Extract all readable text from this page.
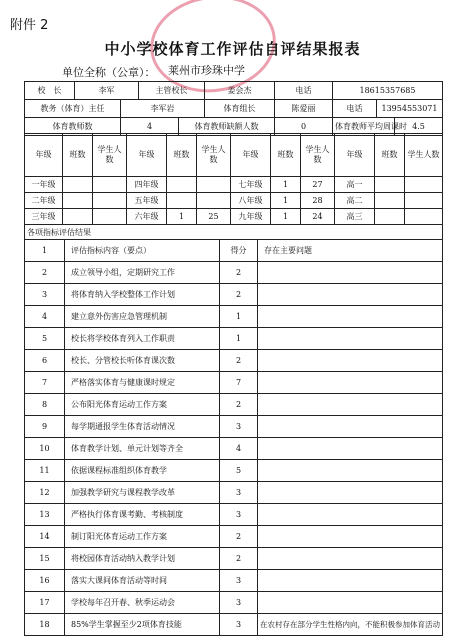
附件 2

中小学校体育工作评估自评结果报表
单位全称（公章）： 莱州市珍珠中学
校　长	李军		主管校长		姜会杰	电话	18615357685		
教务（体育）主任		李军岩			体育组长	陈爱丽	电话	13954553071	
体育教师数		4		体育教师缺额人数		0	体育教师平均周课时		4.5
年级	班数	学生人数	年级	班数	学生人数	年级	班数	学生人数	年级	班数	学生人数
一年级			四年级			七年级	1	27	高一		
二年级			五年级			八年级	1	28	高二		
三年级			六年级	1	25	九年级	1	24	高三		
各项指标评估结果			
1	评估指标内容（要点）	得分	存在主要问题
2	成立领导小组，定期研究工作	2	
3	将体育纳入学校整体工作计划	2	
4	建立意外伤害应急管理机制	1	
5	校长将学校体育列入工作职责	1	
6	校长、分管校长听体育课次数	2	
7	严格落实体育与健康课时规定	7	
8	公布阳光体育运动工作方案	2	
9	每学期通报学生体育活动情况	3	
10	体育教学计划、单元计划等齐全	4	
11	依据课程标准组织体育教学	5	
12	加强教学研究与课程教学改革	3	
13	严格执行体育课考勤、考核制度	3	
14	制订阳光体育运动工作方案	2	
15	将校园体育活动纳入教学计划	2	
16	落实大课间体育活动等时间	3	
17	学校每年召开春、秋季运动会	3	
18	85%学生掌握至少2项体育技能	3	在农村存在部分学生性格内向，不能积极参加体育活动
